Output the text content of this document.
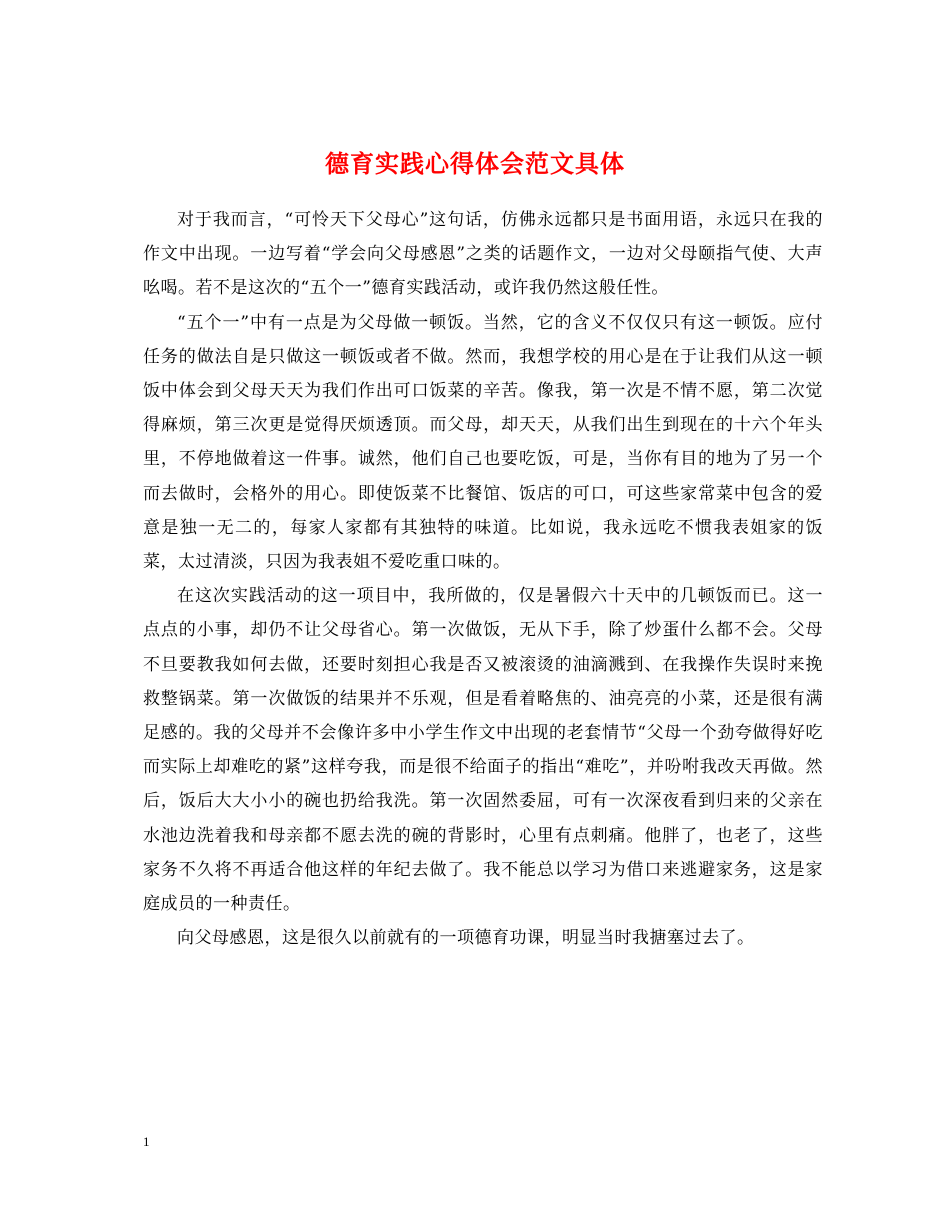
德育实践心得体会范文具体

对于我而言，“可怜天下父母心”这句话，仿佛永远都只是书面用语，永远只在我的作文中出现。一边写着“学会向父母感恩”之类的话题作文，一边对父母颐指气使、大声吆喝。若不是这次的“五个一”德育实践活动，或许我仍然这般任性。

“五个一”中有一点是为父母做一顿饭。当然，它的含义不仅仅只有这一顿饭。应付任务的做法自是只做这一顿饭或者不做。然而，我想学校的用心是在于让我们从这一顿饭中体会到父母天天为我们作出可口饭菜的辛苦。像我，第一次是不情不愿，第二次觉得麻烦，第三次更是觉得厌烦透顶。而父母，却天天，从我们出生到现在的十六个年头里，不停地做着这一件事。诚然，他们自己也要吃饭，可是，当你有目的地为了另一个而去做时，会格外的用心。即使饭菜不比餐馆、饭店的可口，可这些家常菜中包含的爱意是独一无二的，每家人家都有其独特的味道。比如说，我永远吃不惯我表姐家的饭菜，太过清淡，只因为我表姐不爱吃重口味的。

在这次实践活动的这一项目中，我所做的，仅是暑假六十天中的几顿饭而已。这一点点的小事，却仍不让父母省心。第一次做饭，无从下手，除了炒蛋什么都不会。父母不旦要教我如何去做，还要时刻担心我是否又被滚烫的油滴溅到、在我操作失误时来挽救整锅菜。第一次做饭的结果并不乐观，但是看着略焦的、油亮亮的小菜，还是很有满足感的。我的父母并不会像许多中小学生作文中出现的老套情节“父母一个劲夸做得好吃而实际上却难吃的紧”这样夸我，而是很不给面子的指出“难吃”，并吩咐我改天再做。然后，饭后大大小小的碗也扔给我洗。第一次固然委屈，可有一次深夜看到归来的父亲在水池边洗着我和母亲都不愿去洗的碗的背影时，心里有点刺痛。他胖了，也老了，这些家务不久将不再适合他这样的年纪去做了。我不能总以学习为借口来逃避家务，这是家庭成员的一种责任。

向父母感恩，这是很久以前就有的一项德育功课，明显当时我搪塞过去了。

1
